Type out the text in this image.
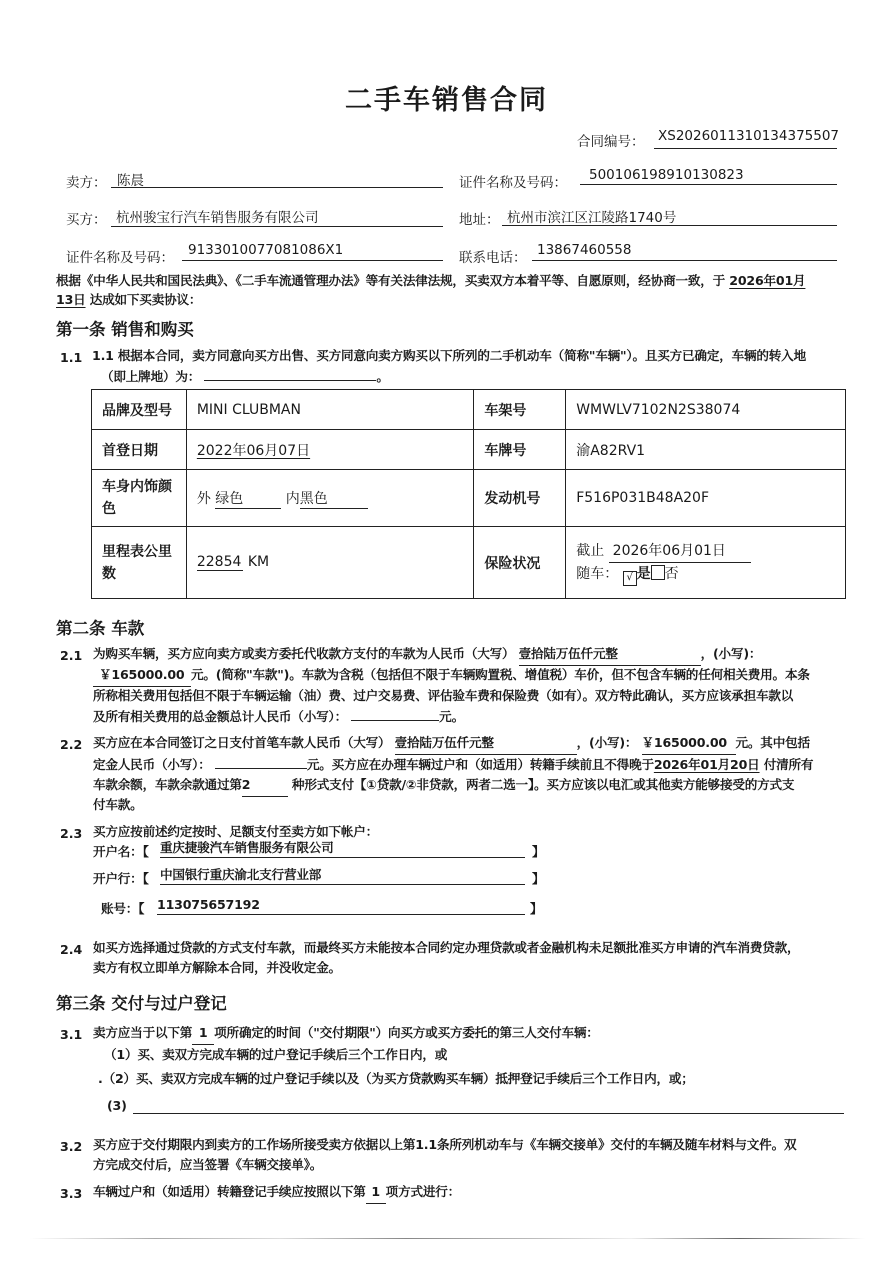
二手车销售合同
合同编号： XS2026011310134375507
卖方： 陈晨	证件名称及号码： 500106198910130823
买方： 杭州骏宝行汽车销售服务有限公司	地址： 杭州市滨江区江陵路1740号
证件名称及号码： 913301007708108​6X1	联系电话： 13867460558
根据《中华人民共和国民法典》、《二手车流通管理办法》等有关法律法规，买卖双方本着平等、自愿原则，经协商一致，于 2026年01月
13日 达成如下买卖协议：
第一条 销售和购买
1.1 1.1 根据本合同，卖方同意向买方出售、买方同意向卖方购买以下所列的二手机动车（简称"车辆"）。且买方已确定，车辆的转入地
（即上牌地）为：	。
品牌及型号	MINI CLUBMAN	车架号	WMWLV7102N2S38074
首登日期	2022年06月07日	车牌号	渝A82RV1
车身内饰颜色	外 绿色 内黑色	发动机号	F516P031B48A20F
里程表公里数	22854 KM	保险状况	截止 2026年06月01日
随车： √ 是 否
第二条 车款
2.1 为购买车辆，买方应向卖方或卖方委托代收款方支付的车款为人民币（大写） 壹拾陆万伍仟元整	，(小写)：
￥165000.00 元。(简称"车款")。车款为含税（包括但不限于车辆购置税、增值税）车价，但不包含车辆的任何相关费用。本条
所称相关费用包括但不限于车辆运输（油）费、过户交易费、评估验车费和保险费（如有）。双方特此确认，买方应该承担车款以
及所有相关费用的总金额总计人民币（小写）：	元。
2.2 买方应在本合同签订之日支付首笔车款人民币（大写） 壹拾陆万伍仟元整	，(小写)： ￥165000.00 元。其中包括
定金人民币（小写）：	元。买方应在办理车辆过户和（如适用）转籍手续前且不得晚于2026年01月20日 付清所有
车款余额，车款余款通过第2	种形式支付【①贷款/②非贷款，两者二选一】。买方应该以电汇或其他卖方能够接受的方式支
付车款。
2.3 买方应按前述约定按时、足额支付至卖方如下帐户：
开户名：【 重庆捷骏汽车销售服务有限公司	】
开户行：【 中国银行重庆渝北支行营业部	】
账号：【 113075657192	】
2.4 如买方选择通过贷款的方式支付车款，而最终买方未能按本合同约定办理贷款或者金融机构未足额批准买方申请的汽车消费贷款，
卖方有权立即单方解除本合同，并没收定金。
第三条 交付与过户登记
3.1 卖方应当于以下第 1 项所确定的时间（"交付期限"）向买方或买方委托的第三人交付车辆：
（1）买、卖双方完成车辆的过户登记手续后三个工作日内，或
.（2）买、卖双方完成车辆的过户登记手续以及（为买方贷款购买车辆）抵押登记手续后三个工作日内，或；
(3)
3.2 买方应于交付期限内到卖方的工作场所接受卖方依据以上第1.1条所列机动车与《车辆交接单》交付的车辆及随车材料与文件。双
方完成交付后，应当签署《车辆交接单》。
3.3 车辆过户和（如适用）转籍登记手续应按照以下第 1 项方式进行：
